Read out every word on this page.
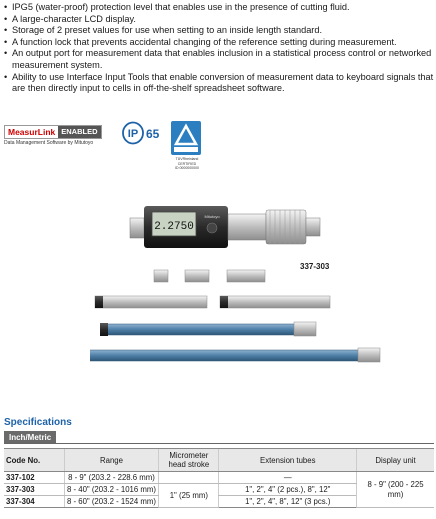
• IPG5 (water-proof) protection level that enables use in the presence of cutting fluid.
• A large-character LCD display.
• Storage of 2 preset values for use when setting to an inside length standard.
• A function lock that prevents accidental changing of the reference setting during measurement.
• An output port for measurement data that enables inclusion in a statistical process control or networked measurement system.
• Ability to use Interface Input Tools that enable conversion of measurement data to keyboard signals that are then directly input to cells in off-the-shelf spreadsheet software.
MeasurLink ENABLED
Data Management Software by Mitutoyo
IP 65
TÜVRheinland CERTIFIED
ID 0000000000
2.2750
Mitutoyo
337-303
Specifications
Inch/Metric
Code No.	Range	Micrometer head stroke	Extension tubes	Display unit
337-102	8 - 9" (203.2 - 228.6 mm)		—	8 - 9" (200 - 225 mm)
337-303	8 - 40" (203.2 - 1016 mm)	1" (25 mm)	1", 2", 4" (2 pcs.), 8", 12"	
337-304	8 - 60" (203.2 - 1524 mm)		1", 2", 4", 8", 12" (3 pcs.)	
